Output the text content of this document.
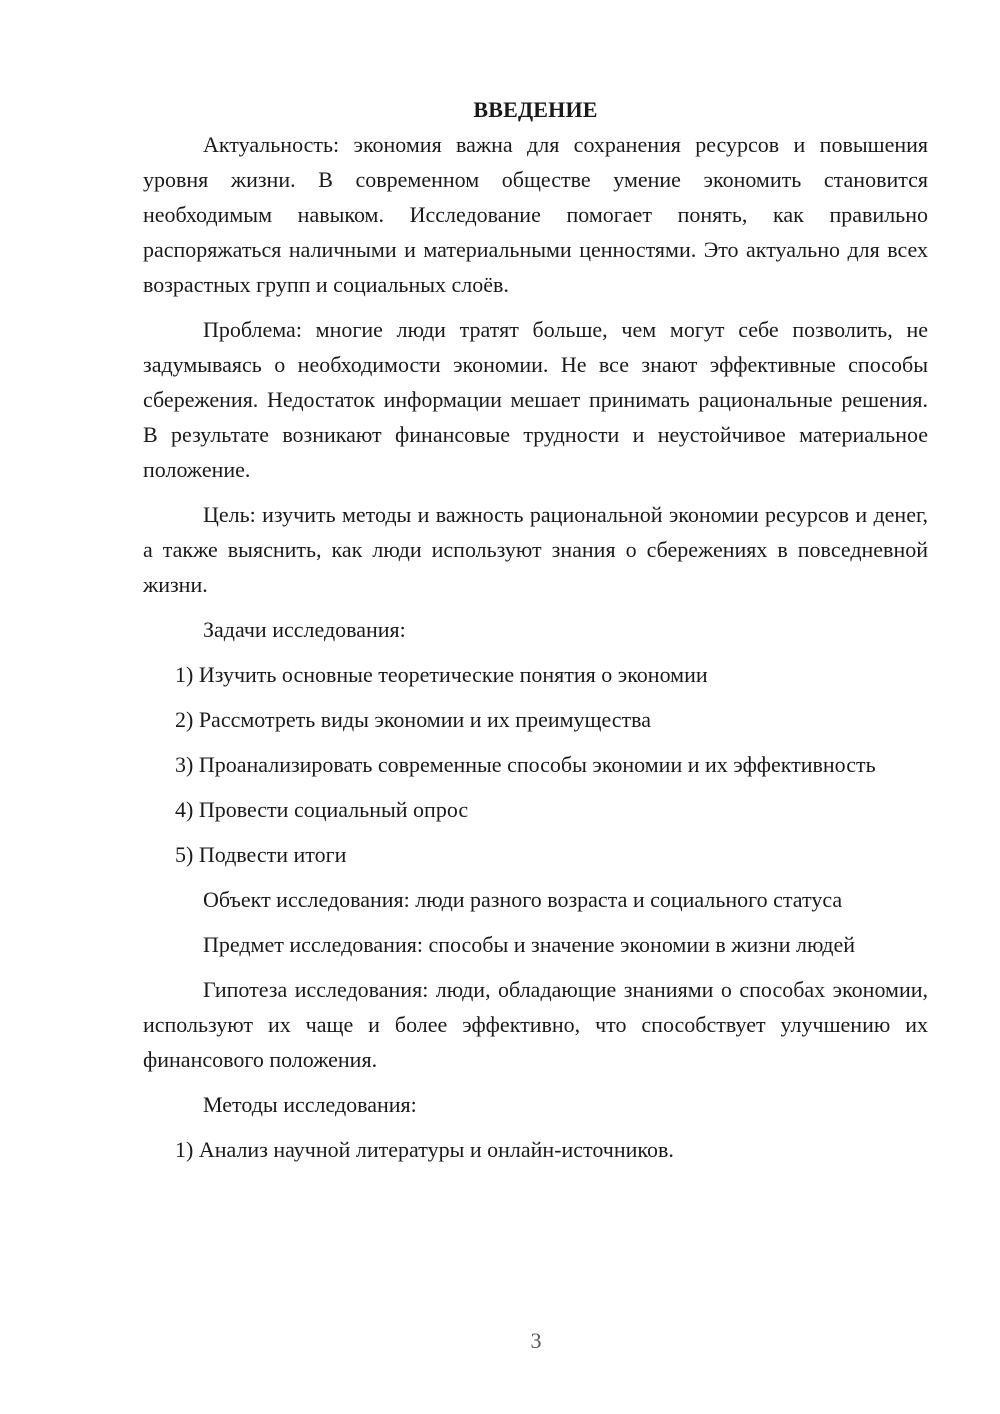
ВВЕДЕНИЕ

Актуальность: экономия важна для сохранения ресурсов и повышения уровня жизни. В современном обществе умение экономить становится необходимым навыком. Исследование помогает понять, как правильно распоряжаться наличными и материальными ценностями. Это актуально для всех возрастных групп и социальных слоёв.

Проблема: многие люди тратят больше, чем могут себе позволить, не задумываясь о необходимости экономии. Не все знают эффективные способы сбережения. Недостаток информации мешает принимать рациональные решения. В результате возникают финансовые трудности и неустойчивое материальное положение.

Цель: изучить методы и важность рациональной экономии ресурсов и денег, а также выяснить, как люди используют знания о сбережениях в повседневной жизни.

Задачи исследования:

1) Изучить основные теоретические понятия о экономии

2) Рассмотреть виды экономии и их преимущества

3) Проанализировать современные способы экономии и их эффективность

4) Провести социальный опрос

5) Подвести итоги

Объект исследования: люди разного возраста и социального статуса

Предмет исследования: способы и значение экономии в жизни людей

Гипотеза исследования: люди, обладающие знаниями о способах экономии, используют их чаще и более эффективно, что способствует улучшению их финансового положения.

Методы исследования:

1) Анализ научной литературы и онлайн-источников.

3
